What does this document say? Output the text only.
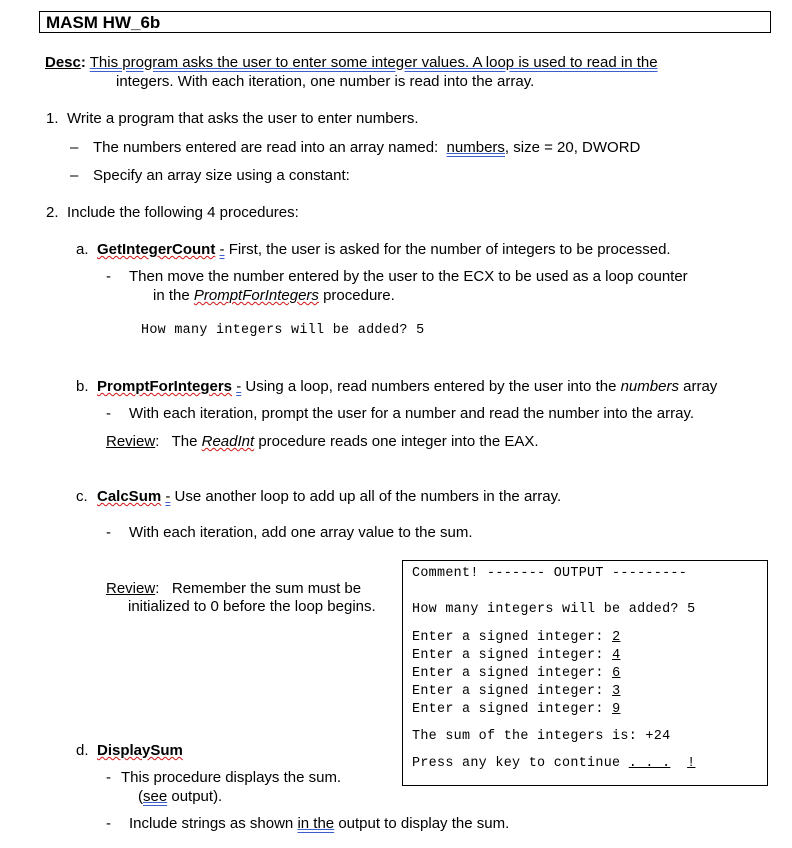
MASM HW_6b
Desc: This program asks the user to enter some integer values. A loop is used to read in the
integers. With each iteration, one number is read into the array.
1. Write a program that asks the user to enter numbers.
– The numbers entered are read into an array named: numbers, size = 20, DWORD
– Specify an array size using a constant:
2. Include the following 4 procedures:
a. GetIntegerCount - First, the user is asked for the number of integers to be processed.
- Then move the number entered by the user to the ECX to be used as a loop counter
in the PromptForIntegers procedure.
How many integers will be added? 5
b. PromptForIntegers - Using a loop, read numbers entered by the user into the numbers array
- With each iteration, prompt the user for a number and read the number into the array.
Review:   The ReadInt procedure reads one integer into the EAX.
c. CalcSum - Use another loop to add up all of the numbers in the array.
- With each iteration, add one array value to the sum.
Review:   Remember the sum must be
initialized to 0 before the loop begins.
Comment! ------- OUTPUT ---------
How many integers will be added? 5
Enter a signed integer: 2
Enter a signed integer: 4
Enter a signed integer: 6
Enter a signed integer: 3
Enter a signed integer: 9
The sum of the integers is: +24
Press any key to continue . . . !
d. DisplaySum
- This procedure displays the sum.
(see output).
- Include strings as shown in the output to display the sum.
